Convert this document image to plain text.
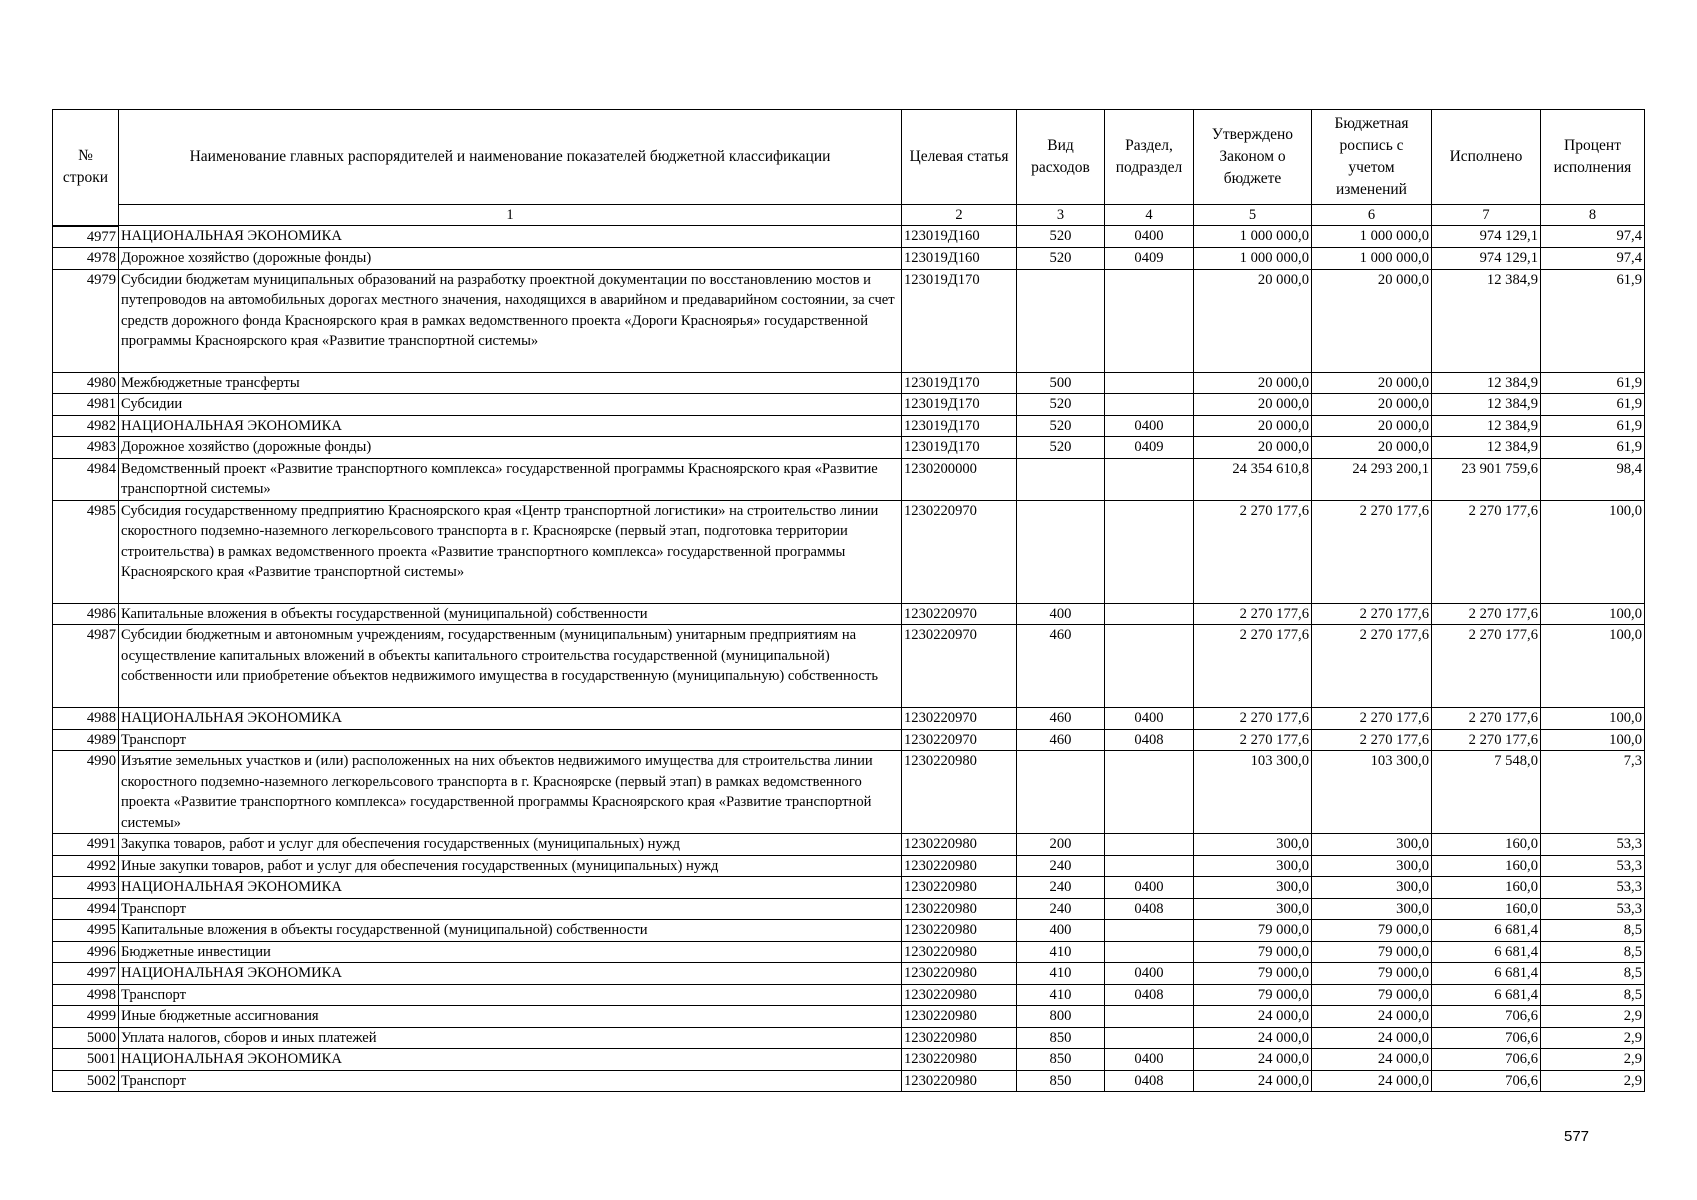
№ строки	Наименование главных распорядителей и наименование показателей бюджетной классификации	Целевая статья	Вид расходов	Раздел, подраздел	Утверждено Законом о бюджете	Бюджетная роспись с учетом изменений	Исполнено	Процент исполнения
	1	2	3	4	5	6	7	8
4977	НАЦИОНАЛЬНАЯ ЭКОНОМИКА	123019Д160	520	0400	1 000 000,0	1 000 000,0	974 129,1	97,4
4978	Дорожное хозяйство (дорожные фонды)	123019Д160	520	0409	1 000 000,0	1 000 000,0	974 129,1	97,4
4979	Субсидии бюджетам муниципальных образований на разработку проектной документации по восстановлению мостов и путепроводов на автомобильных дорогах местного значения, находящихся в аварийном и предаварийном состоянии, за счет средств дорожного фонда Красноярского края в рамках ведомственного проекта «Дороги Красноярья» государственной программы Красноярского края «Развитие транспортной системы»	123019Д170			20 000,0	20 000,0	12 384,9	61,9
4980	Межбюджетные трансферты	123019Д170	500		20 000,0	20 000,0	12 384,9	61,9
4981	Субсидии	123019Д170	520		20 000,0	20 000,0	12 384,9	61,9
4982	НАЦИОНАЛЬНАЯ ЭКОНОМИКА	123019Д170	520	0400	20 000,0	20 000,0	12 384,9	61,9
4983	Дорожное хозяйство (дорожные фонды)	123019Д170	520	0409	20 000,0	20 000,0	12 384,9	61,9
4984	Ведомственный проект «Развитие транспортного комплекса» государственной программы Красноярского края «Развитие транспортной системы»	1230200000			24 354 610,8	24 293 200,1	23 901 759,6	98,4
4985	Субсидия государственному предприятию Красноярского края «Центр транспортной логистики» на строительство линии скоростного подземно-наземного легкорельсового транспорта в г. Красноярске (первый этап, подготовка территории строительства) в рамках ведомственного проекта «Развитие транспортного комплекса» государственной программы Красноярского края «Развитие транспортной системы»	1230220970			2 270 177,6	2 270 177,6	2 270 177,6	100,0
4986	Капитальные вложения в объекты государственной (муниципальной) собственности	1230220970	400		2 270 177,6	2 270 177,6	2 270 177,6	100,0
4987	Субсидии бюджетным и автономным учреждениям, государственным (муниципальным) унитарным предприятиям на осуществление капитальных вложений в объекты капитального строительства государственной (муниципальной) собственности или приобретение объектов недвижимого имущества в государственную (муниципальную) собственность	1230220970	460		2 270 177,6	2 270 177,6	2 270 177,6	100,0
4988	НАЦИОНАЛЬНАЯ ЭКОНОМИКА	1230220970	460	0400	2 270 177,6	2 270 177,6	2 270 177,6	100,0
4989	Транспорт	1230220970	460	0408	2 270 177,6	2 270 177,6	2 270 177,6	100,0
4990	Изъятие земельных участков и (или) расположенных на них объектов недвижимого имущества для строительства линии скоростного подземно-наземного легкорельсового транспорта в г. Красноярске (первый этап) в рамках ведомственного проекта «Развитие транспортного комплекса» государственной программы Красноярского края «Развитие транспортной системы»	1230220980			103 300,0	103 300,0	7 548,0	7,3
4991	Закупка товаров, работ и услуг для обеспечения государственных (муниципальных) нужд	1230220980	200		300,0	300,0	160,0	53,3
4992	Иные закупки товаров, работ и услуг для обеспечения государственных (муниципальных) нужд	1230220980	240		300,0	300,0	160,0	53,3
4993	НАЦИОНАЛЬНАЯ ЭКОНОМИКА	1230220980	240	0400	300,0	300,0	160,0	53,3
4994	Транспорт	1230220980	240	0408	300,0	300,0	160,0	53,3
4995	Капитальные вложения в объекты государственной (муниципальной) собственности	1230220980	400		79 000,0	79 000,0	6 681,4	8,5
4996	Бюджетные инвестиции	1230220980	410		79 000,0	79 000,0	6 681,4	8,5
4997	НАЦИОНАЛЬНАЯ ЭКОНОМИКА	1230220980	410	0400	79 000,0	79 000,0	6 681,4	8,5
4998	Транспорт	1230220980	410	0408	79 000,0	79 000,0	6 681,4	8,5
4999	Иные бюджетные ассигнования	1230220980	800		24 000,0	24 000,0	706,6	2,9
5000	Уплата налогов, сборов и иных платежей	1230220980	850		24 000,0	24 000,0	706,6	2,9
5001	НАЦИОНАЛЬНАЯ ЭКОНОМИКА	1230220980	850	0400	24 000,0	24 000,0	706,6	2,9
5002	Транспорт	1230220980	850	0408	24 000,0	24 000,0	706,6	2,9
577
